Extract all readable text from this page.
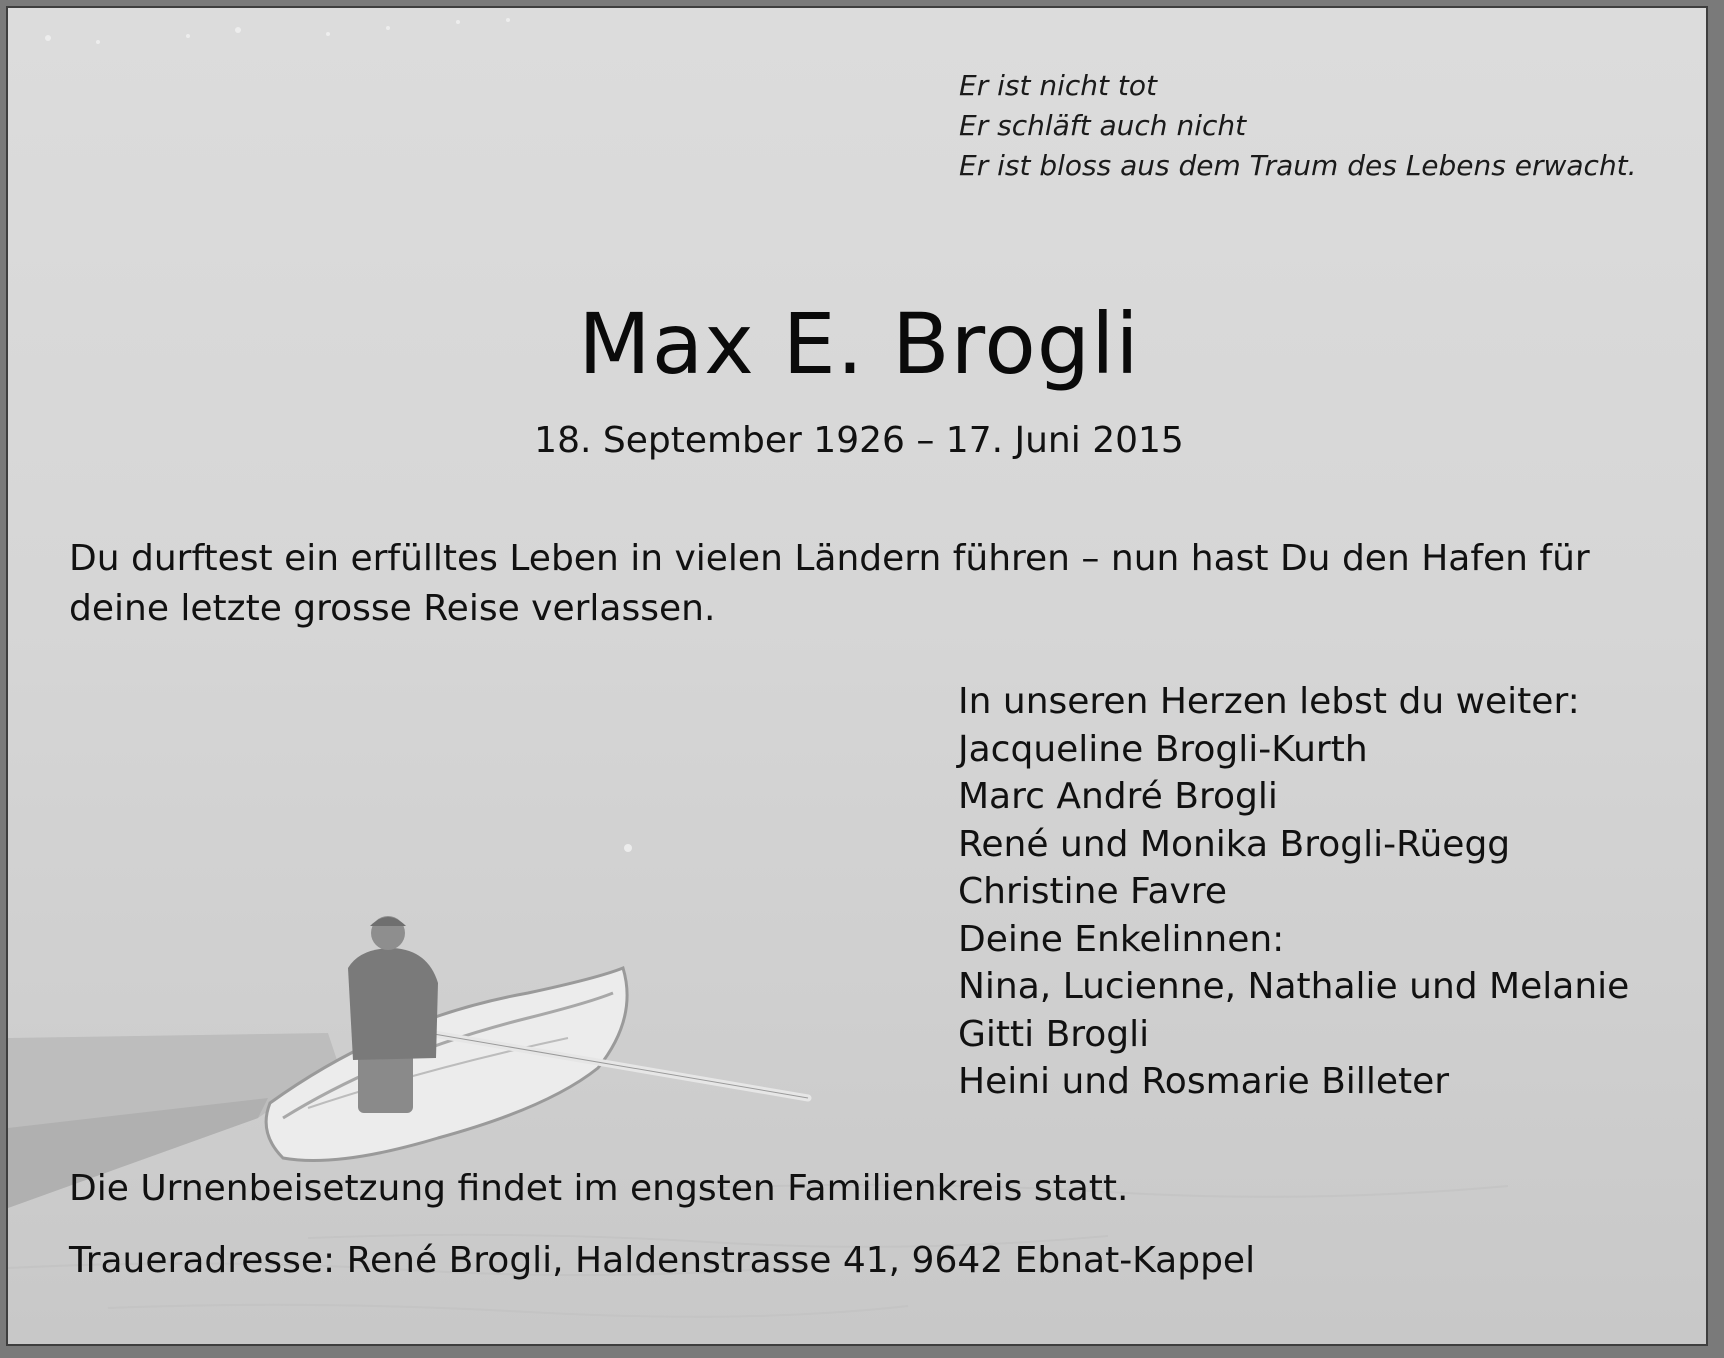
Er ist nicht tot
Er schläft auch nicht
Er ist bloss aus dem Traum des Lebens erwacht.
Max E. Brogli
18. September 1926 – 17. Juni 2015
Du durftest ein erfülltes Leben in vielen Ländern führen – nun hast Du den Hafen für deine letzte grosse Reise verlassen.
In unseren Herzen lebst du weiter:
Jacqueline Brogli-Kurth
Marc André Brogli
René und Monika Brogli-Rüegg
Christine Favre
Deine Enkelinnen:
Nina, Lucienne, Nathalie und Melanie
Gitti Brogli
Heini und Rosmarie Billeter
Die Urnenbeisetzung findet im engsten Familienkreis statt.
Traueradresse: René Brogli, Haldenstrasse 41, 9642 Ebnat-Kappel
